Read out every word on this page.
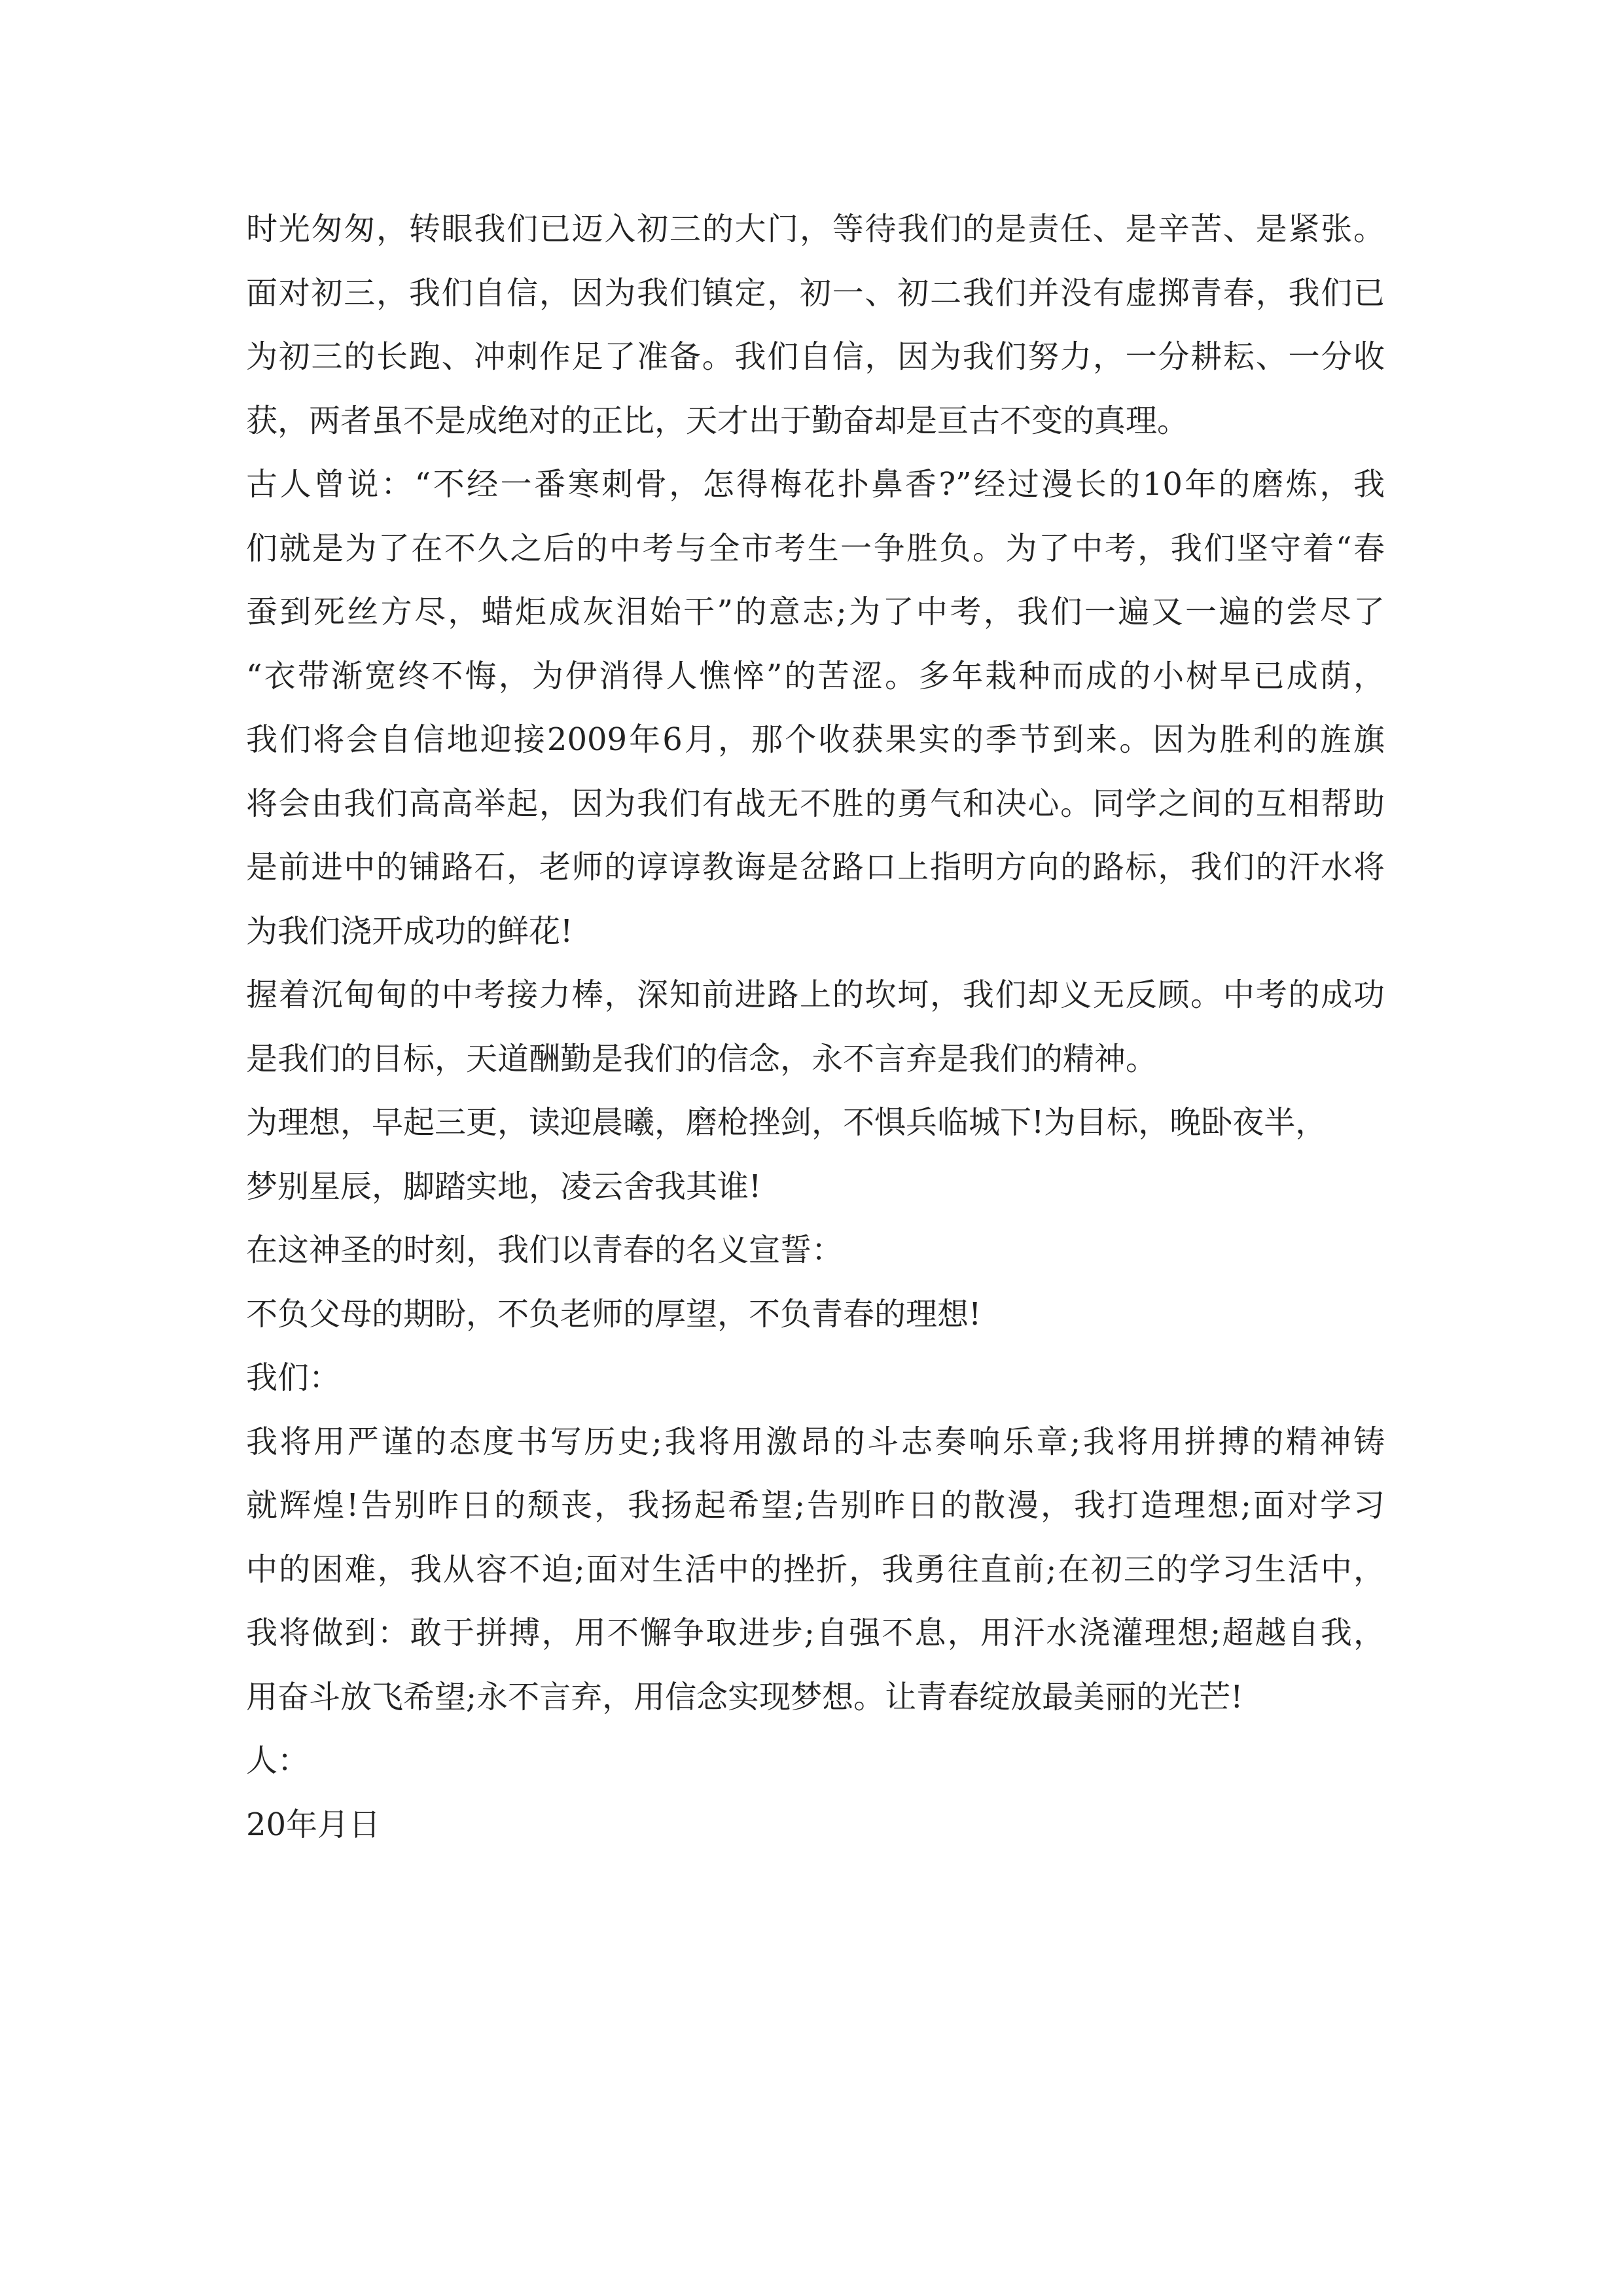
时光匆匆，转眼我们已迈入初三的大门，等待我们的是责任、是辛苦、是紧张。
面对初三，我们自信，因为我们镇定，初一、初二我们并没有虚掷青春，我们已
为初三的长跑、冲刺作足了准备。我们自信，因为我们努力，一分耕耘、一分收
获，两者虽不是成绝对的正比，天才出于勤奋却是亘古不变的真理。
古人曾说：“不经一番寒刺骨，怎得梅花扑鼻香?”经过漫长的10年的磨炼，我
们就是为了在不久之后的中考与全市考生一争胜负。为了中考，我们坚守着“春
蚕到死丝方尽，蜡炬成灰泪始干”的意志;为了中考，我们一遍又一遍的尝尽了
“衣带渐宽终不悔，为伊消得人憔悴”的苦涩。多年栽种而成的小树早已成荫，
我们将会自信地迎接2009年6月，那个收获果实的季节到来。因为胜利的旌旗
将会由我们高高举起，因为我们有战无不胜的勇气和决心。同学之间的互相帮助
是前进中的铺路石，老师的谆谆教诲是岔路口上指明方向的路标，我们的汗水将
为我们浇开成功的鲜花!
握着沉甸甸的中考接力棒，深知前进路上的坎坷，我们却义无反顾。中考的成功
是我们的目标，天道酬勤是我们的信念，永不言弃是我们的精神。
为理想，早起三更，读迎晨曦，磨枪挫剑，不惧兵临城下!为目标，晚卧夜半，
梦别星辰，脚踏实地，凌云舍我其谁!
在这神圣的时刻，我们以青春的名义宣誓：
不负父母的期盼，不负老师的厚望，不负青春的理想!
我们：
我将用严谨的态度书写历史;我将用激昂的斗志奏响乐章;我将用拼搏的精神铸
就辉煌!告别昨日的颓丧，我扬起希望;告别昨日的散漫，我打造理想;面对学习
中的困难，我从容不迫;面对生活中的挫折，我勇往直前;在初三的学习生活中，
我将做到：敢于拼搏，用不懈争取进步;自强不息，用汗水浇灌理想;超越自我，
用奋斗放飞希望;永不言弃，用信念实现梦想。让青春绽放最美丽的光芒!
人：
20年月日
